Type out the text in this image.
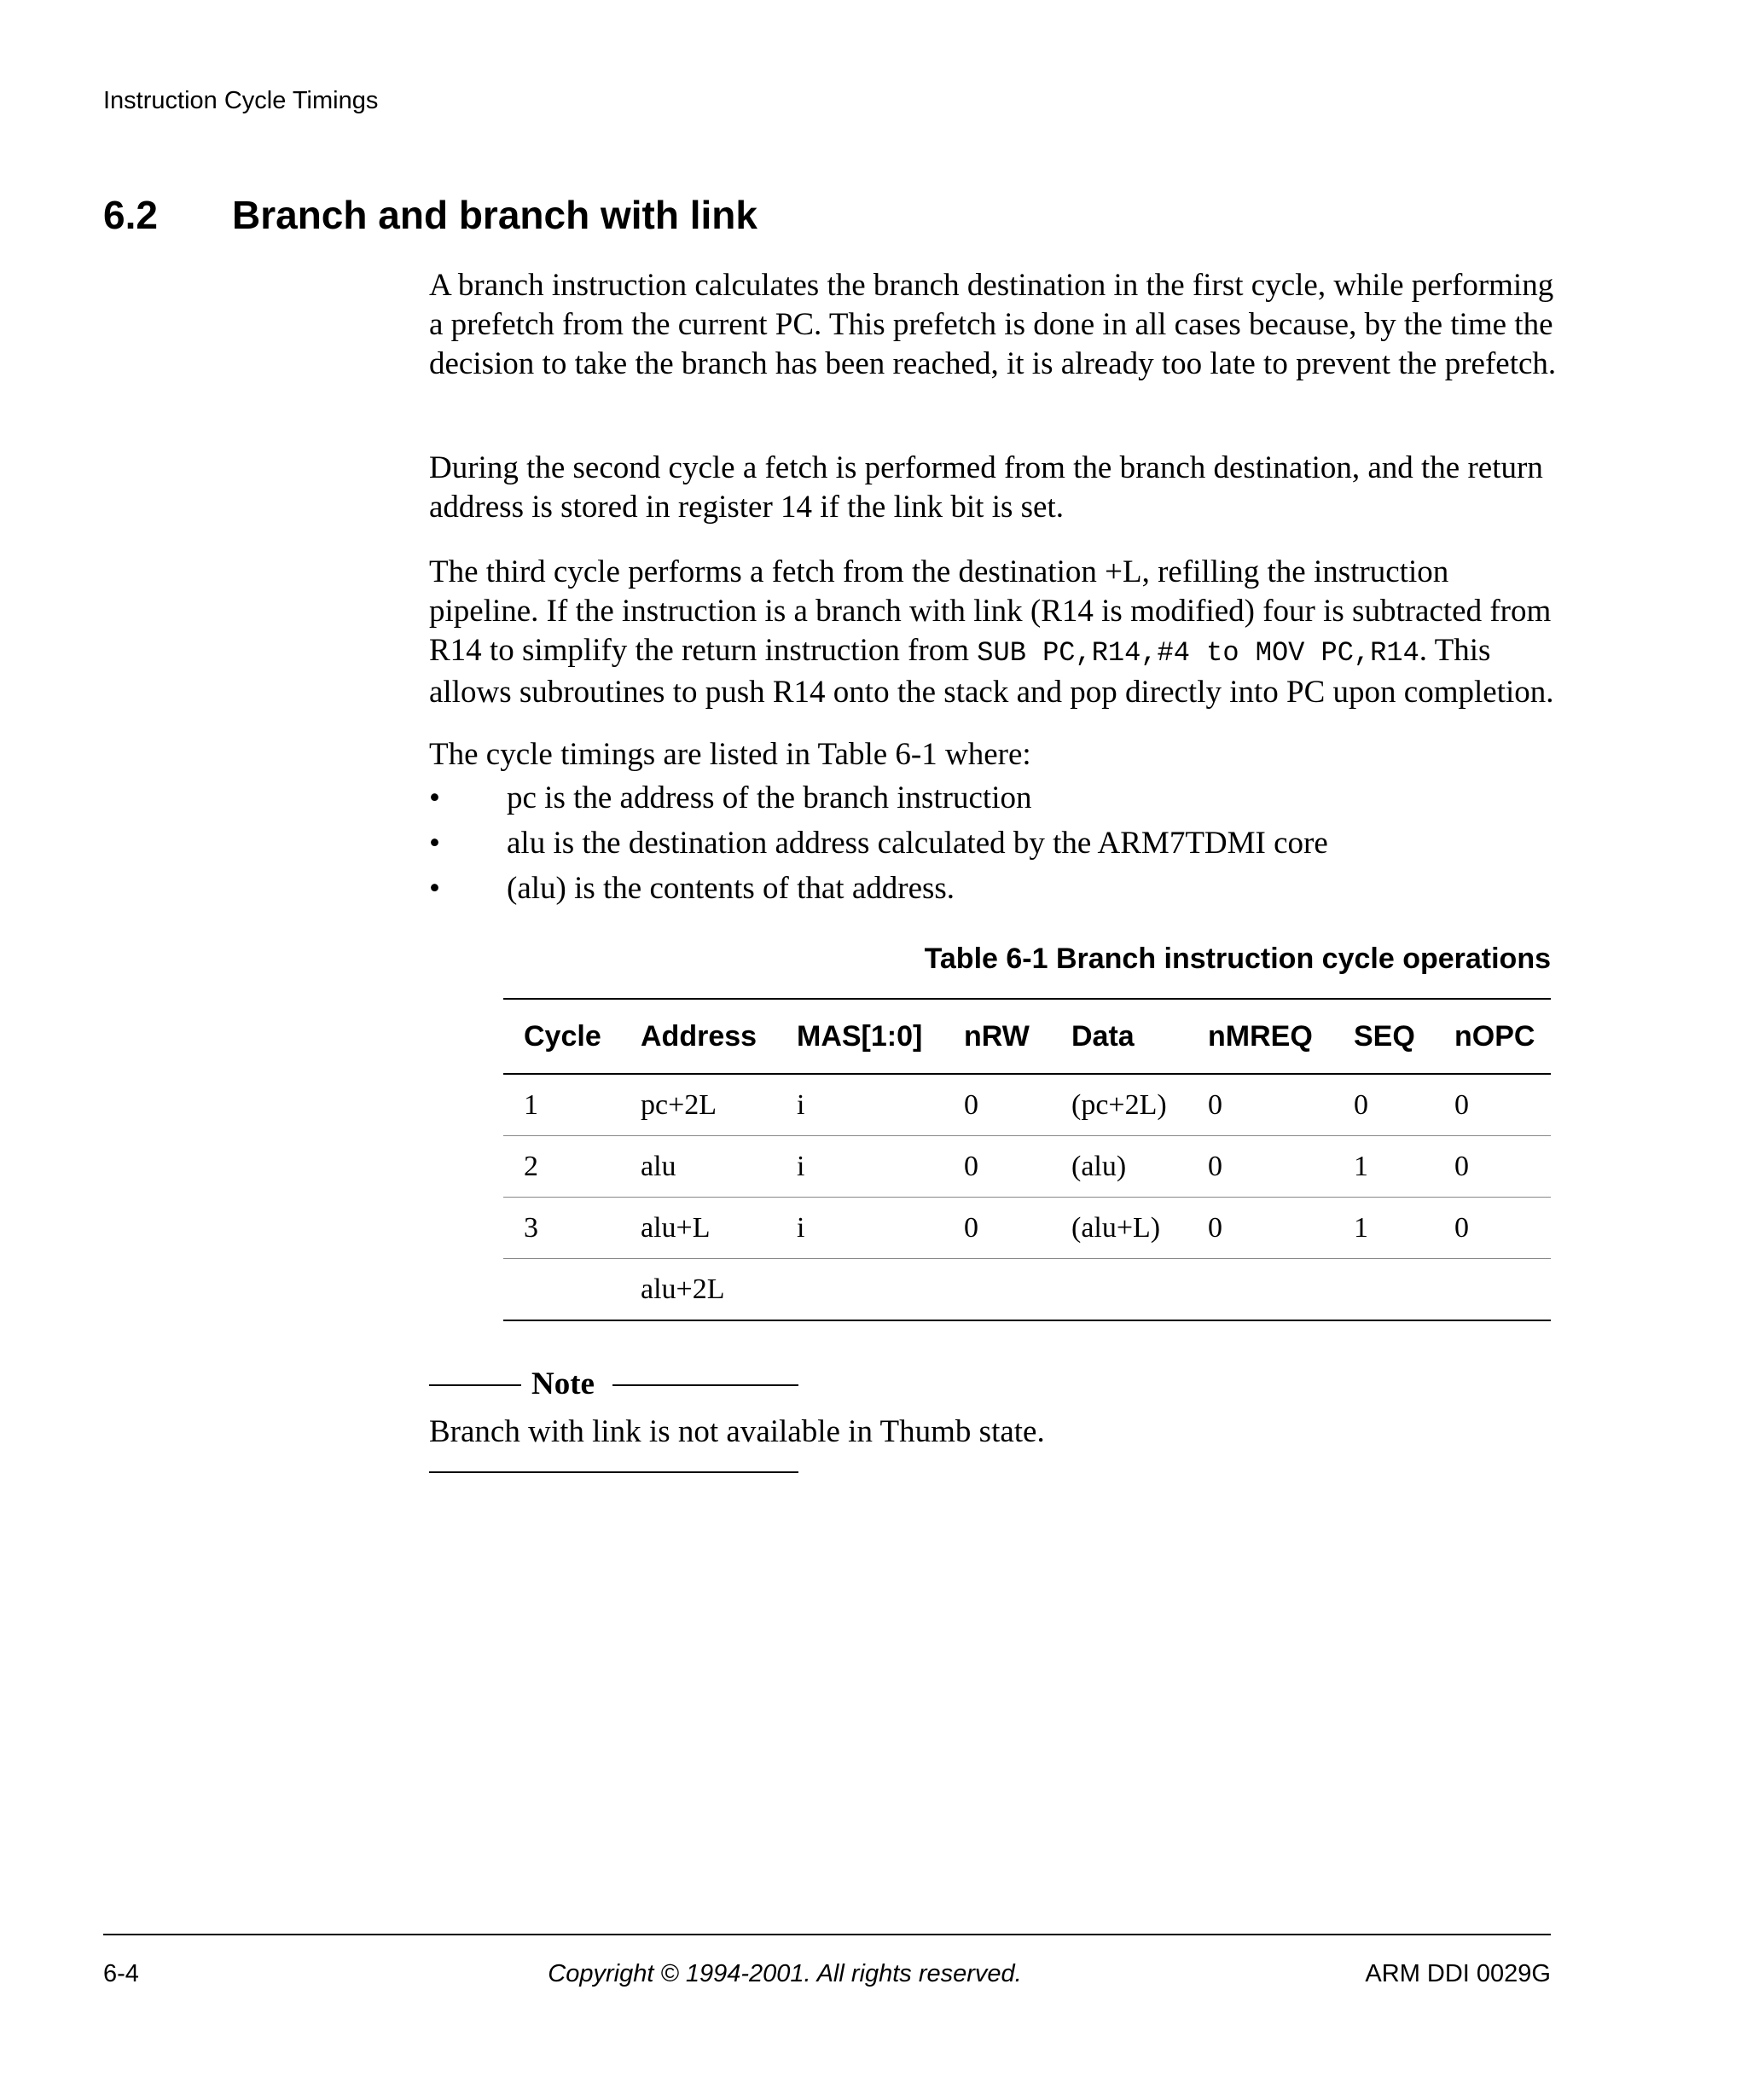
Instruction Cycle Timings
6.2 Branch and branch with link

A branch instruction calculates the branch destination in the first cycle, while performing a prefetch from the current PC. This prefetch is done in all cases because, by the time the decision to take the branch has been reached, it is already too late to prevent the prefetch.

During the second cycle a fetch is performed from the branch destination, and the return address is stored in register 14 if the link bit is set.

The third cycle performs a fetch from the destination +L, refilling the instruction pipeline. If the instruction is a branch with link (R14 is modified) four is subtracted from R14 to simplify the return instruction from SUB PC,R14,#4 to MOV PC,R14. This allows subroutines to push R14 onto the stack and pop directly into PC upon completion.

The cycle timings are listed in Table 6-1 where:

• pc is the address of the branch instruction
• alu is the destination address calculated by the ARM7TDMI core
• (alu) is the contents of that address.
Table 6-1 Branch instruction cycle operations
Cycle	Address	MAS[1:0]	nRW	Data	nMREQ	SEQ	nOPC
1	pc+2L	i	0	(pc+2L)	0	0	0
2	alu	i	0	(alu)	0	1	0
3	alu+L	i	0	(alu+L)	0	1	0
	alu+2L						
Note
Branch with link is not available in Thumb state.
6-4	Copyright © 1994-2001. All rights reserved.	ARM DDI 0029G
